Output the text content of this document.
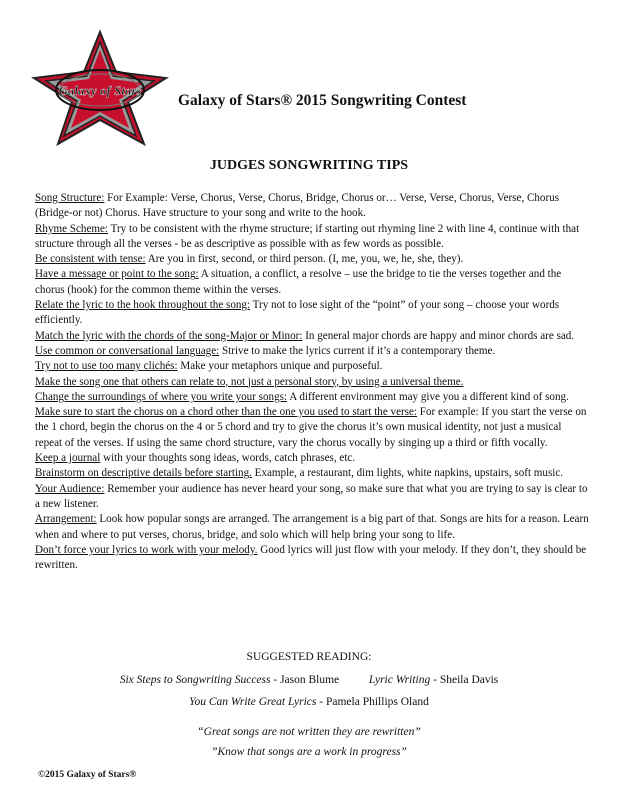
Galaxy of Stars
Galaxy of Stars® 2015 Songwriting Contest
JUDGES SONGWRITING TIPS

Song Structure: For Example: Verse, Chorus, Verse, Chorus, Bridge, Chorus or… Verse, Verse, Chorus, Verse, Chorus (Bridge-or not) Chorus. Have structure to your song and write to the hook.

Rhyme Scheme: Try to be consistent with the rhyme structure; if starting out rhyming line 2 with line 4, continue with that structure through all the verses - be as descriptive as possible with as few words as possible.

Be consistent with tense: Are you in first, second, or third person. (I, me, you, we, he, she, they).

Have a message or point to the song: A situation, a conflict, a resolve – use the bridge to tie the verses together and the chorus (hook) for the common theme within the verses.

Relate the lyric to the hook throughout the song: Try not to lose sight of the “point” of your song – choose your words efficiently.

Match the lyric with the chords of the song-Major or Minor: In general major chords are happy and minor chords are sad.

Use common or conversational language: Strive to make the lyrics current if it’s a contemporary theme.

Try not to use too many clichés: Make your metaphors unique and purposeful.

Make the song one that others can relate to, not just a personal story, by using a universal theme.

Change the surroundings of where you write your songs: A different environment may give you a different kind of song.

Make sure to start the chorus on a chord other than the one you used to start the verse: For example: If you start the verse on the 1 chord, begin the chorus on the 4 or 5 chord and try to give the chorus it’s own musical identity, not just a musical repeat of the verses. If using the same chord structure, vary the chorus vocally by singing up a third or fifth vocally.

Keep a journal with your thoughts song ideas, words, catch phrases, etc.

Brainstorm on descriptive details before starting. Example, a restaurant, dim lights, white napkins, upstairs, soft music.

Your Audience: Remember your audience has never heard your song, so make sure that what you are trying to say is clear to a new listener.

Arrangement: Look how popular songs are arranged. The arrangement is a big part of that. Songs are hits for a reason. Learn when and where to put verses, chorus, bridge, and solo which will help bring your song to life.

Don’t force your lyrics to work with your melody. Good lyrics will just flow with your melody. If they don’t, they should be rewritten.

SUGGESTED READING:
Six Steps to Songwriting Success - Jason Blume	Lyric Writing - Sheila Davis
You Can Write Great Lyrics - Pamela Phillips Oland
“Great songs are not written they are rewritten”
”Know that songs are a work in progress”
©2015 Galaxy of Stars®
